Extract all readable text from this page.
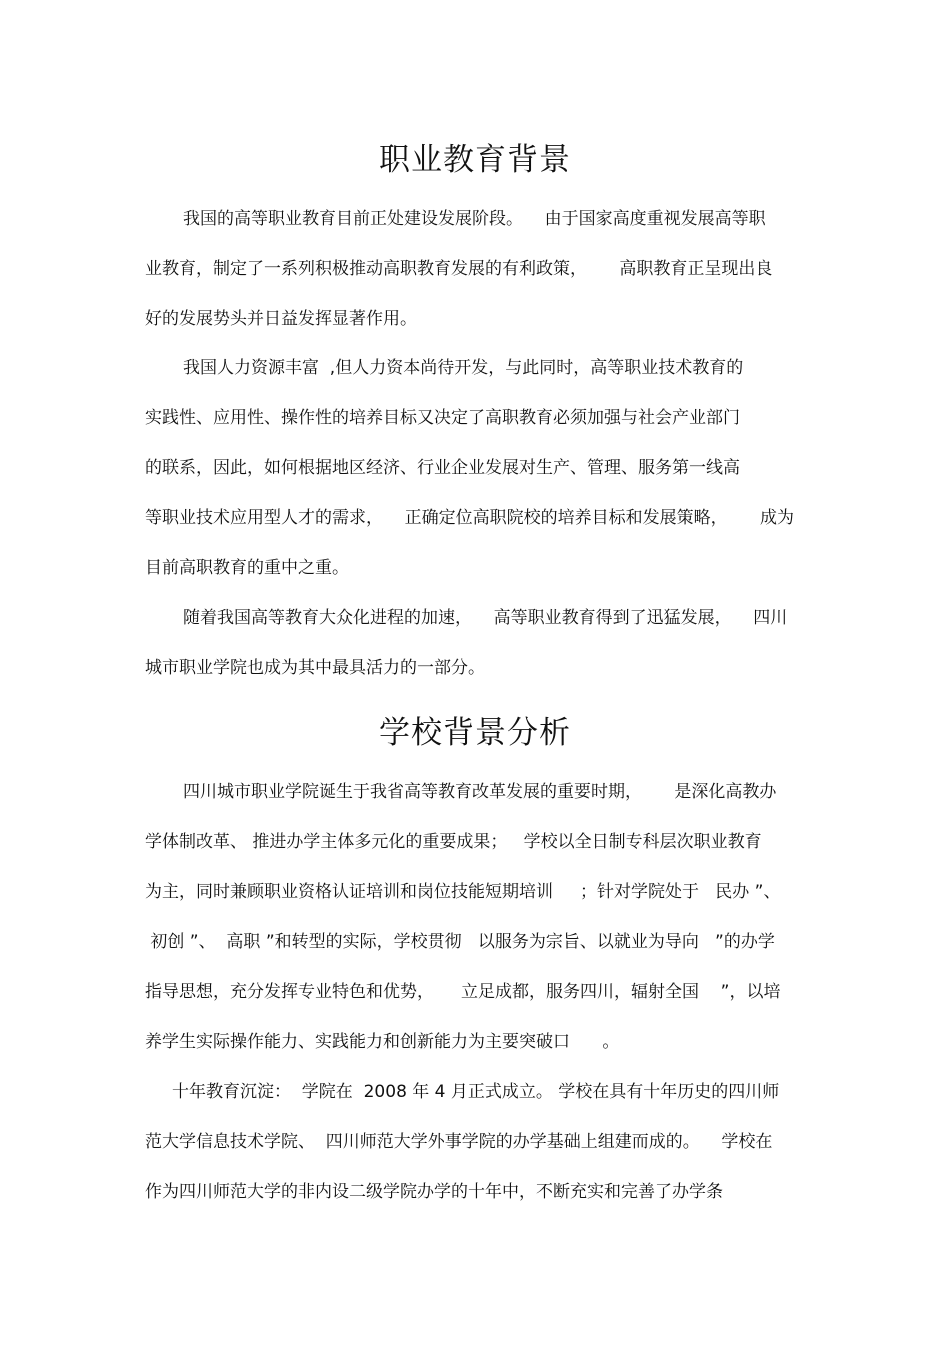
职业教育背景

我国的高等职业教育目前正处建设发展阶段。    由于国家高度重视发展高等职

业教育，制定了一系列积极推动高职教育发展的有利政策，      高职教育正呈现出良

好的发展势头并日益发挥显著作用。

我国人力资源丰富  ,但人力资本尚待开发，与此同时，高等职业技术教育的

实践性、应用性、操作性的培养目标又决定了高职教育必须加强与社会产业部门

的联系，因此，如何根据地区经济、行业企业发展对生产、管理、服务第一线高

等职业技术应用型人才的需求，    正确定位高职院校的培养目标和发展策略，      成为

目前高职教育的重中之重。

随着我国高等教育大众化进程的加速，    高等职业教育得到了迅猛发展，    四川

城市职业学院也成为其中最具活力的一部分。

学校背景分析

四川城市职业学院诞生于我省高等教育改革发展的重要时期，      是深化高教办

学体制改革、 推进办学主体多元化的重要成果；   学校以全日制专科层次职业教育

为主，同时兼顾职业资格认证培训和岗位技能短期培训     ；针对学院处于   民办 ”、

初创 ”、  高职 ”和转型的实际，学校贯彻   以服务为宗旨、以就业为导向   ”的办学

指导思想，充分发挥专业特色和优势，     立足成都，服务四川，辐射全国    ”，以培

养学生实际操作能力、实践能力和创新能力为主要突破口      。

十年教育沉淀：  学院在  2008 年 4 月正式成立。 学校在具有十年历史的四川师

范大学信息技术学院、  四川师范大学外事学院的办学基础上组建而成的。    学校在

作为四川师范大学的非内设二级学院办学的十年中，不断充实和完善了办学条
